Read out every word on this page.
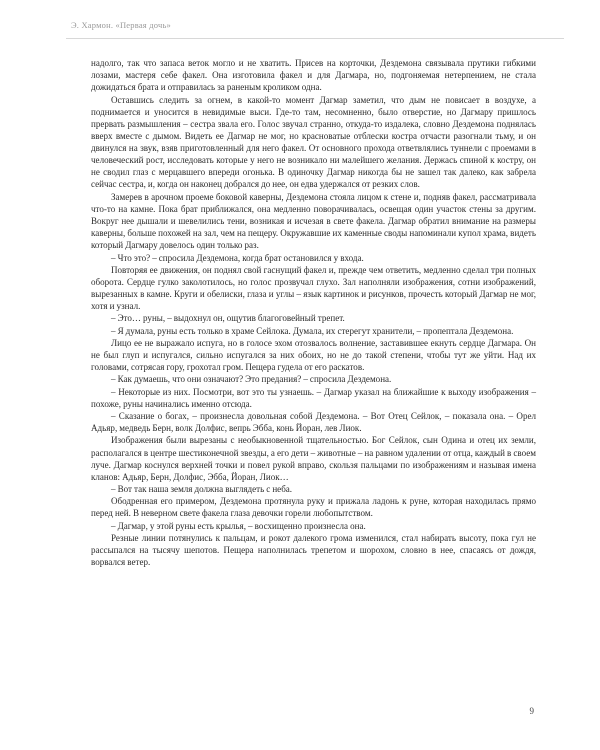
Э. Хармон. «Первая дочь»

надолго, так что запаса веток могло и не хватить. Присев на корточки, Дездемона связывала прутики гибкими лозами, мастеря себе факел. Она изготовила факел и для Дагмара, но, подгоняемая нетерпением, не стала дожидаться брата и отправилась за раненым кроликом одна.

Оставшись следить за огнем, в какой-то момент Дагмар заметил, что дым не повисает в воздухе, а поднимается и уносится в невидимые выси. Где-то там, несомненно, было отверстие, но Дагмару пришлось прервать размышления – сестра звала его. Голос звучал странно, откуда-то издалека, словно Дездемона поднялась вверх вместе с дымом. Видеть ее Дагмар не мог, но красноватые отблески костра отчасти разогнали тьму, и он двинулся на звук, взяв приготовленный для него факел. От основного прохода ответвлялись туннели с проемами в человеческий рост, исследовать которые у него не возникало ни малейшего желания. Держась спиной к костру, он не сводил глаз с мерцавшего впереди огонька. В одиночку Дагмар никогда бы не зашел так далеко, как забрела сейчас сестра, и, когда он наконец добрался до нее, он едва удержался от резких слов.

Замерев в арочном проеме боковой каверны, Дездемона стояла лицом к стене и, подняв факел, рассматривала что-то на камне. Пока брат приближался, она медленно поворачивалась, освещая один участок стены за другим. Вокруг нее дышали и шевелились тени, возникая и исчезая в свете факела. Дагмар обратил внимание на размеры каверны, больше похожей на зал, чем на пещеру. Окружавшие их каменные своды напоминали купол храма, видеть который Дагмару довелось один только раз.

– Что это? – спросила Дездемона, когда брат остановился у входа.

Повторяя ее движения, он поднял свой гаснущий факел и, прежде чем ответить, медленно сделал три полных оборота. Сердце гулко заколотилось, но голос прозвучал глухо. Зал наполняли изображения, сотни изображений, вырезанных в камне. Круги и обелиски, глаза и углы – язык картинок и рисунков, прочесть который Дагмар не мог, хотя и узнал.

– Это… руны, – выдохнул он, ощутив благоговейный трепет.

– Я думала, руны есть только в храме Сейлока. Думала, их стерегут хранители, – пропептала Дездемона.

Лицо ее не выражало испуга, но в голосе эхом отозвалось волнение, заставившее екнуть сердце Дагмара. Он не был глуп и испугался, сильно испугался за них обоих, но не до такой степени, чтобы тут же уйти. Над их головами, сотрясая гору, грохотал гром. Пещера гудела от его раскатов.

– Как думаешь, что они означают? Это предания? – спросила Дездемона.

– Некоторые из них. Посмотри, вот это ты узнаешь. – Дагмар указал на ближайшие к выходу изображения – похоже, руны начинались именно отсюда.

– Сказание о богах, – произнесла довольная собой Дездемона. – Вот Отец Сейлок, – показала она. – Орел Адьяр, медведь Берн, волк Долфис, вепрь Эбба, конь Йоран, лев Лиок.

Изображения были вырезаны с необыкновенной тщательностью. Бог Сейлок, сын Одина и отец их земли, располагался в центре шестиконечной звезды, а его дети – животные – на равном удалении от отца, каждый в своем луче. Дагмар коснулся верхней точки и повел рукой вправо, скользя пальцами по изображениям и называя имена кланов: Адьяр, Берн, Долфис, Эбба, Йоран, Лиок…

– Вот так наша земля должна выглядеть с неба.

Ободренная его примером, Дездемона протянула руку и прижала ладонь к руне, которая находилась прямо перед ней. В неверном свете факела глаза девочки горели любопытством.

– Дагмар, у этой руны есть крылья, – восхищенно произнесла она.

Резные линии потянулись к пальцам, и рокот далекого грома изменился, стал набирать высоту, пока гул не рассыпался на тысячу шепотов. Пещера наполнилась трепетом и шорохом, словно в нее, спасаясь от дождя, ворвался ветер.

9
